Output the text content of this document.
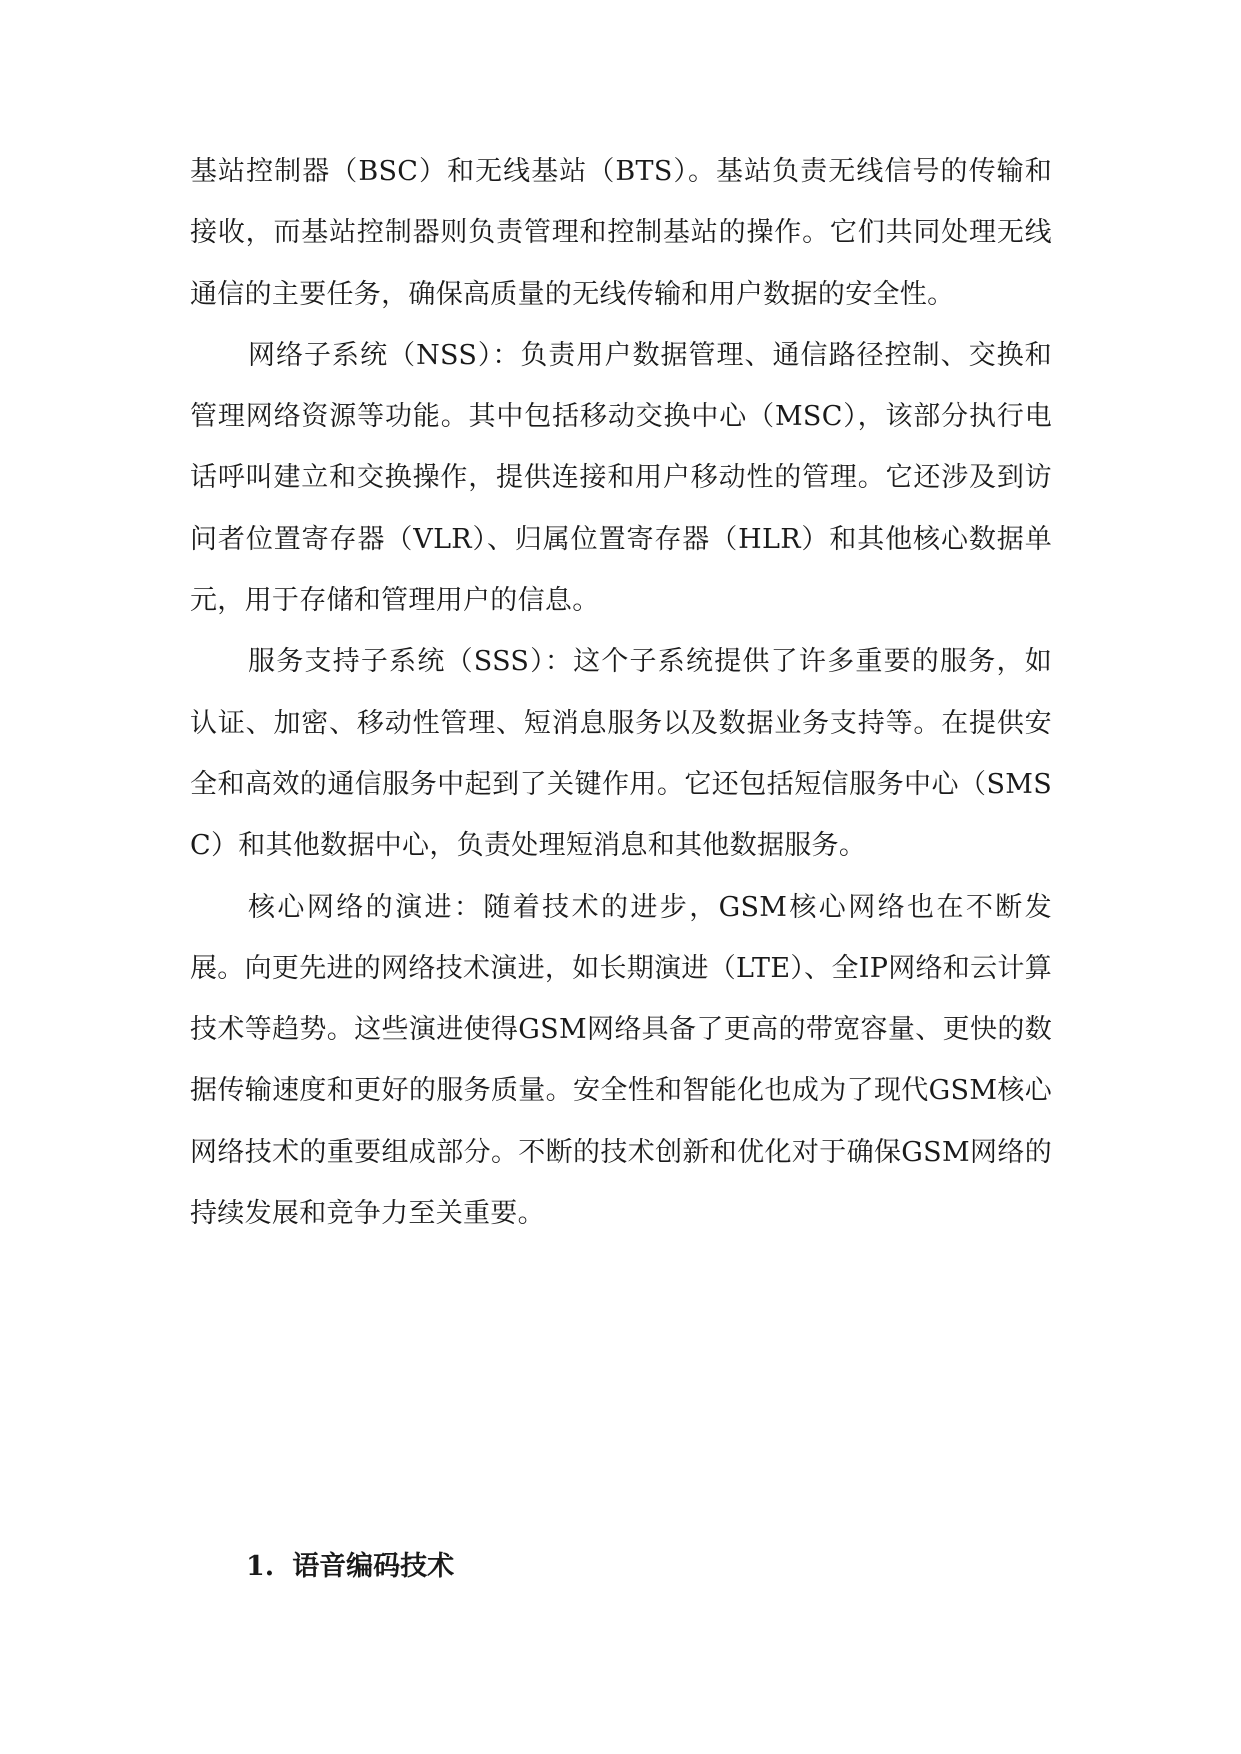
基站控制器（BSC）和无线基站（BTS）。基站负责无线信号的传输和接收，而基站控制器则负责管理和控制基站的操作。它们共同处理无线通信的主要任务，确保高质量的无线传输和用户数据的安全性。

网络子系统（NSS）：负责用户数据管理、通信路径控制、交换和管理网络资源等功能。其中包括移动交换中心（MSC），该部分执行电话呼叫建立和交换操作，提供连接和用户移动性的管理。它还涉及到访问者位置寄存器（VLR）、归属位置寄存器（HLR）和其他核心数据单元，用于存储和管理用户的信息。

服务支持子系统（SSS）：这个子系统提供了许多重要的服务，如认证、加密、移动性管理、短消息服务以及数据业务支持等。在提供安全和高效的通信服务中起到了关键作用。它还包括短信服务中心（SMSC）和其他数据中心，负责处理短消息和其他数据服务。

核心网络的演进：随着技术的进步，GSM核心网络也在不断发展。向更先进的网络技术演进，如长期演进（LTE）、全IP网络和云计算技术等趋势。这些演进使得GSM网络具备了更高的带宽容量、更快的数据传输速度和更好的服务质量。安全性和智能化也成为了现代GSM核心网络技术的重要组成部分。不断的技术创新和优化对于确保GSM网络的持续发展和竞争力至关重要。

1. 语音编码技术
